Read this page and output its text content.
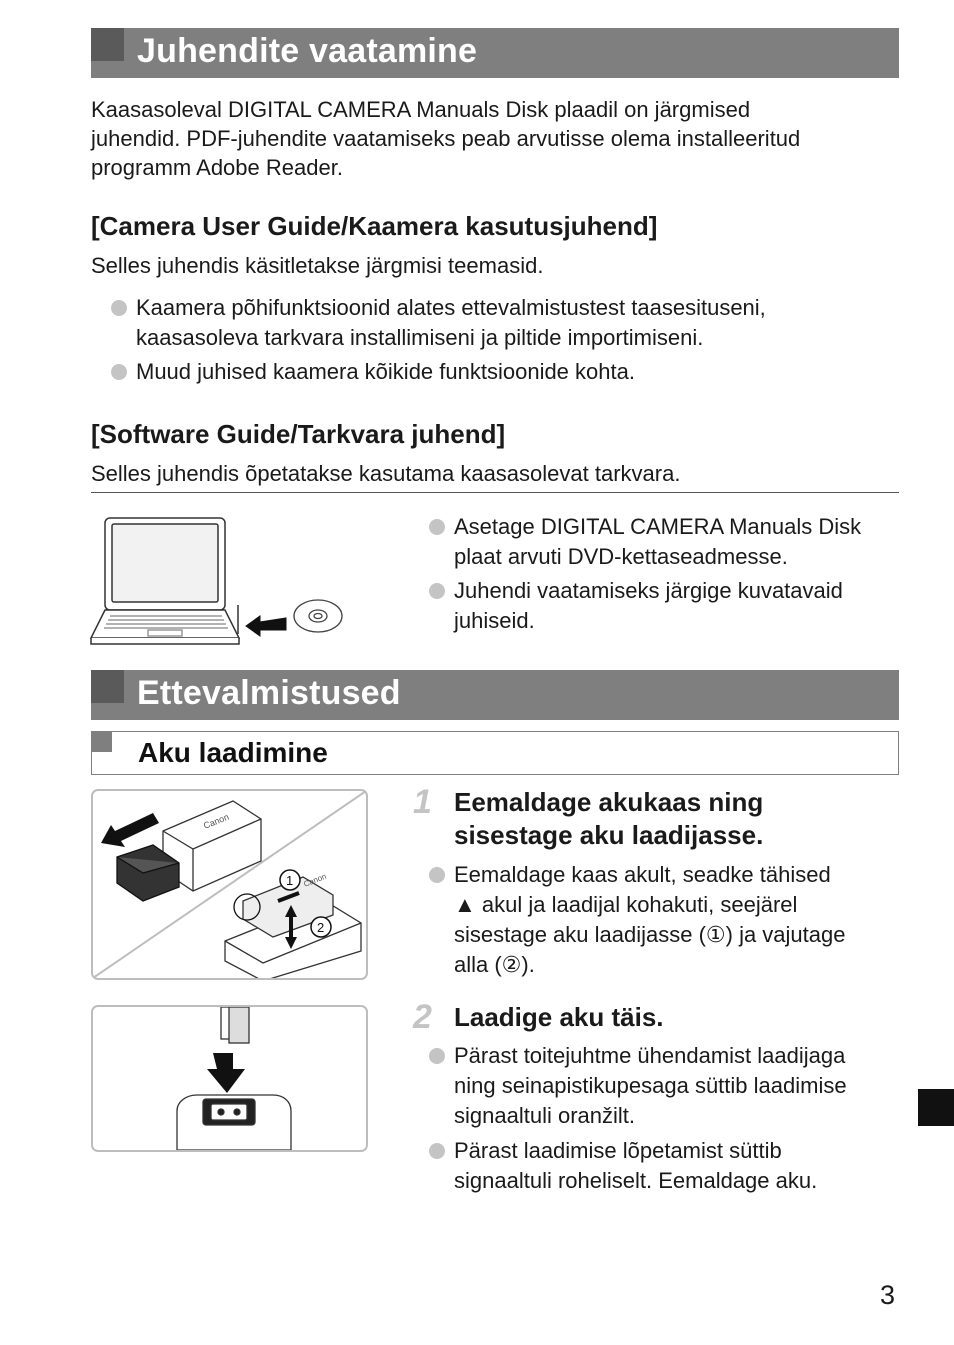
Juhendite vaatamine
Kaasasoleval DIGITAL CAMERA Manuals Disk plaadil on järgmised
juhendid. PDF-juhendite vaatamiseks peab arvutisse olema installeeritud
programm Adobe Reader.
[Camera User Guide/Kaamera kasutusjuhend]
Selles juhendis käsitletakse järgmisi teemasid.
Kaamera põhifunktsioonid alates ettevalmistustest taasesituseni,
kaasasoleva tarkvara installimiseni ja piltide importimiseni.
Muud juhised kaamera kõikide funktsioonide kohta.
[Software Guide/Tarkvara juhend]
Selles juhendis õpetatakse kasutama kaasasolevat tarkvara.
Asetage DIGITAL CAMERA Manuals Disk
plaat arvuti DVD-kettaseadmesse.
Juhendi vaatamiseks järgige kuvatavaid
juhiseid.
Ettevalmistused
Aku laadimine
Canon
Canon
1
2
1 Eemaldage akukaas ning
sisestage aku laadijasse.
Eemaldage kaas akult, seadke tähised
▲ akul ja laadijal kohakuti, seejärel
sisestage aku laadijasse (①) ja vajutage
alla (②).
2 Laadige aku täis.
Pärast toitejuhtme ühendamist laadijaga
ning seinapistikupesaga süttib laadimise
signaaltuli oranžilt.
Pärast laadimise lõpetamist süttib
signaaltuli roheliselt. Eemaldage aku.
3
